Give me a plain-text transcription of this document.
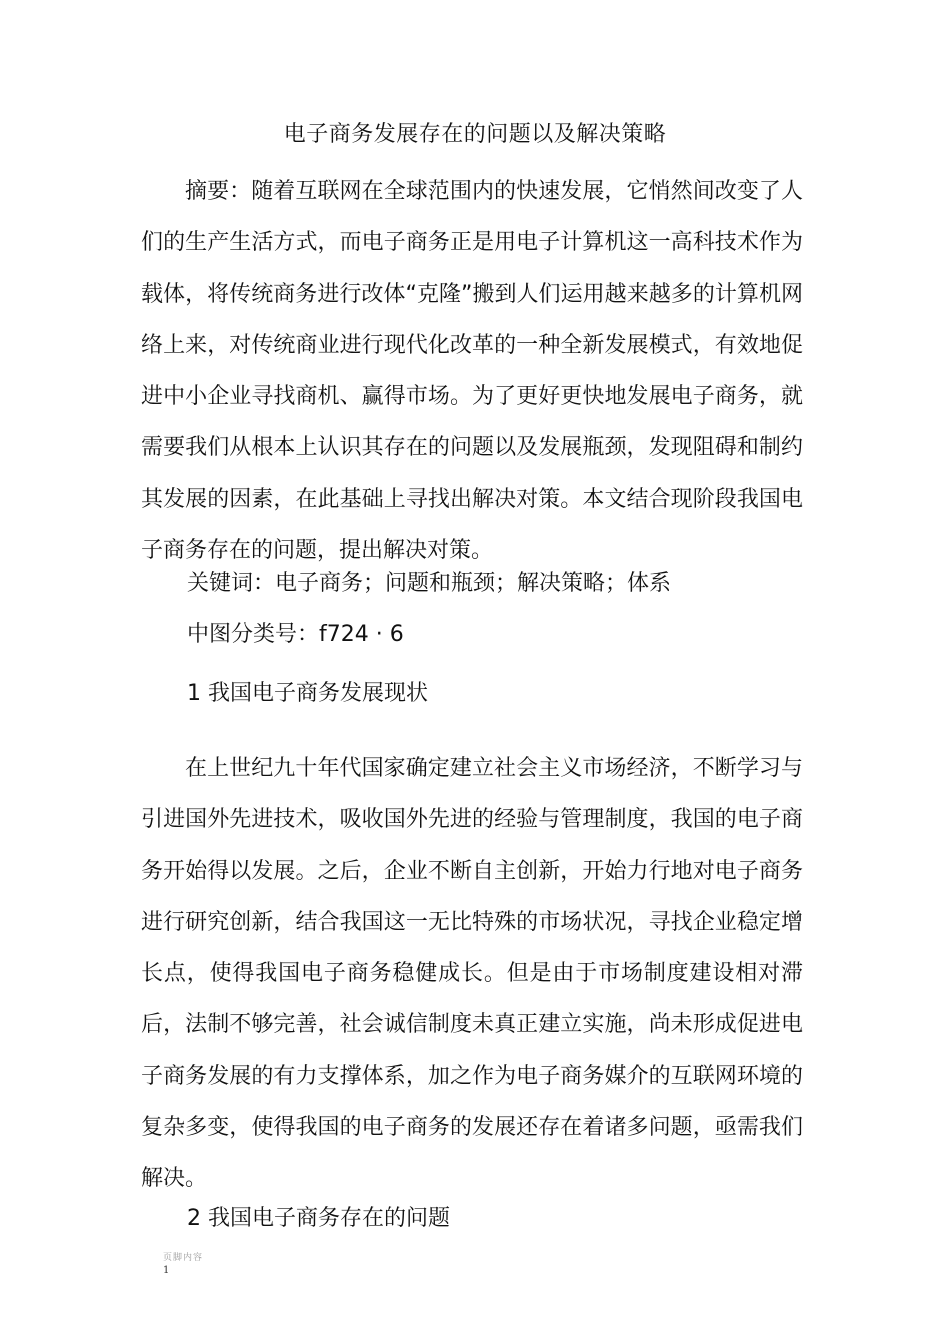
电子商务发展存在的问题以及解决策略

摘要：随着互联网在全球范围内的快速发展，它悄然间改变了人们的生产生活方式，而电子商务正是用电子计算机这一高科技术作为载体，将传统商务进行改体“克隆”搬到人们运用越来越多的计算机网络上来，对传统商业进行现代化改革的一种全新发展模式，有效地促进中小企业寻找商机、赢得市场。为了更好更快地发展电子商务，就需要我们从根本上认识其存在的问题以及发展瓶颈，发现阻碍和制约其发展的因素，在此基础上寻找出解决对策。本文结合现阶段我国电子商务存在的问题，提出解决对策。

关键词：电子商务；问题和瓶颈；解决策略；体系
中图分类号：f724 · 6
1 我国电子商务发展现状

在上世纪九十年代国家确定建立社会主义市场经济，不断学习与引进国外先进技术，吸收国外先进的经验与管理制度，我国的电子商务开始得以发展。之后，企业不断自主创新，开始力行地对电子商务进行研究创新，结合我国这一无比特殊的市场状况，寻找企业稳定增长点，使得我国电子商务稳健成长。但是由于市场制度建设相对滞后，法制不够完善，社会诚信制度未真正建立实施，尚未形成促进电子商务发展的有力支撑体系，加之作为电子商务媒介的互联网环境的复杂多变，使得我国的电子商务的发展还存在着诸多问题，亟需我们解决。

2 我国电子商务存在的问题
页脚内容
1
